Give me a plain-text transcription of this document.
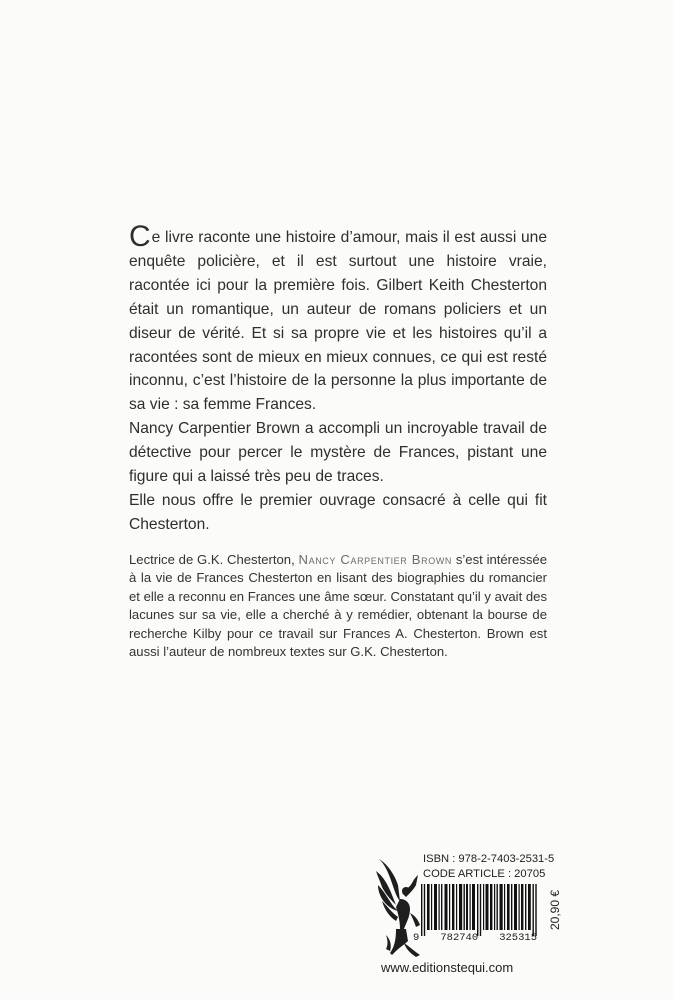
Ce livre raconte une histoire d’amour, mais il est aussi une enquête policière, et il est surtout une histoire vraie, racontée ici pour la première fois. Gilbert Keith Chesterton était un romantique, un auteur de romans policiers et un diseur de vérité. Et si sa propre vie et les histoires qu’il a racontées sont de mieux en mieux connues, ce qui est resté inconnu, c’est l’histoire de la personne la plus importante de sa vie : sa femme Frances.

Nancy Carpentier Brown a accompli un incroyable travail de détective pour percer le mystère de Frances, pistant une figure qui a laissé très peu de traces.

Elle nous offre le premier ouvrage consacré à celle qui fit Chesterton.

Lectrice de G.K. Chesterton, Nancy Carpentier Brown s’est intéressée à la vie de Frances Chesterton en lisant des biographies du romancier et elle a reconnu en Frances une âme sœur. Constatant qu’il y avait des lacunes sur sa vie, elle a cherché à y remédier, obtenant la bourse de recherche Kilby pour ce travail sur Frances A. Chesterton. Brown est aussi l’auteur de nombreux textes sur G.K. Chesterton.

ISBN : 978-2-7403-2531-5
CODE ARTICLE : 20705
9 782740 325315
20,90 €
www.editionstequi.com
